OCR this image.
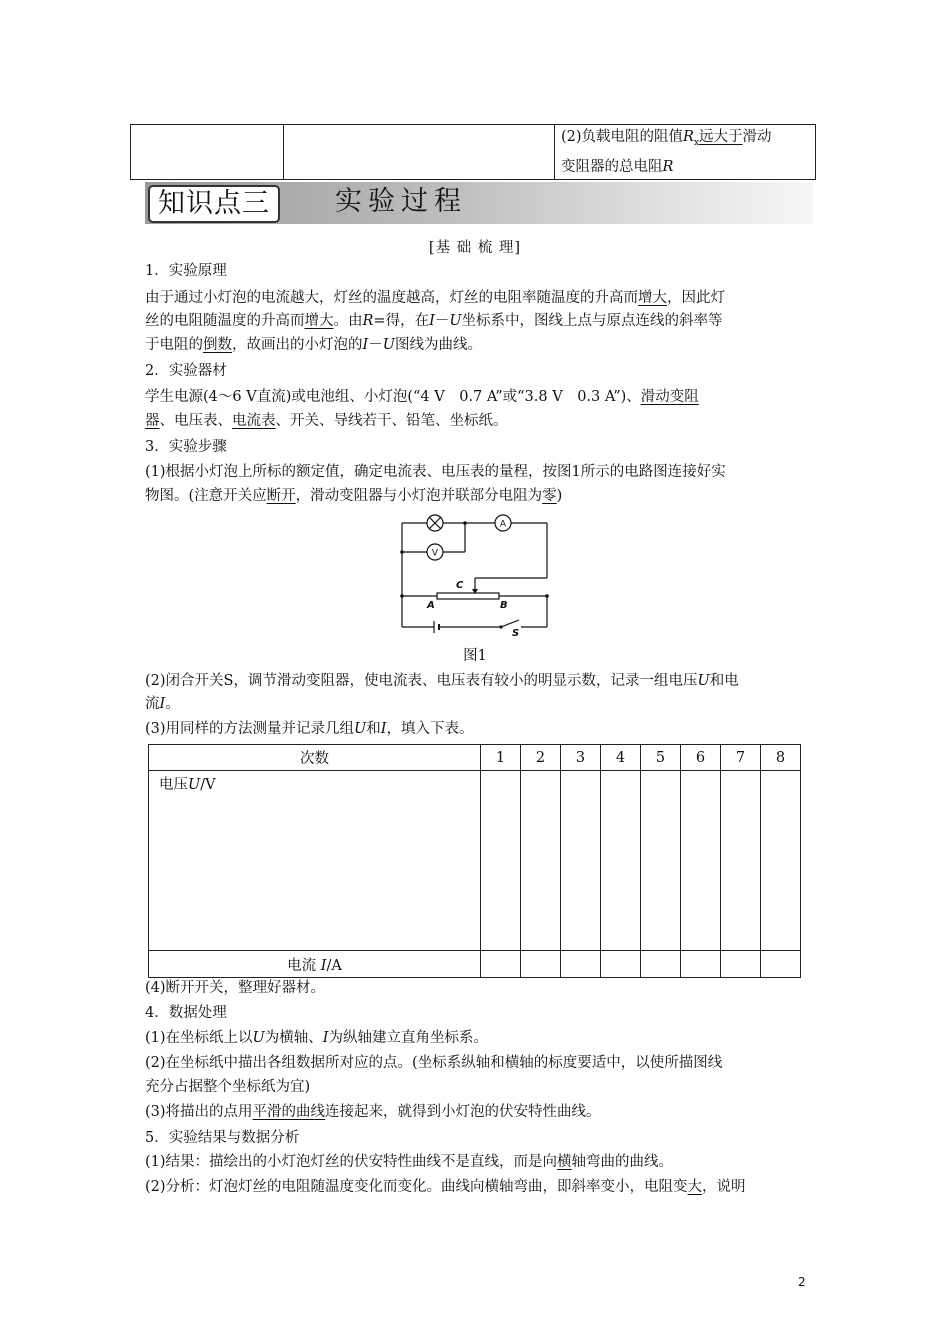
(2)负载电阻的阻值$R_x$远大于滑动
变阻器的总电阻R
知识点三	实验过程
[基 础 梳 理]
1．实验原理
由于通过小灯泡的电流越大，灯丝的温度越高，灯丝的电阻率随温度的升高而增大，因此灯
丝的电阻随温度的升高而增大。由R=得，在I－U坐标系中，图线上点与原点连线的斜率等
于电阻的倒数，故画出的小灯泡的I－U图线为曲线。
2．实验器材
学生电源(4～6 V直流)或电池组、小灯泡(“4 V　0.7 A”或“3.8 V　0.3 A”)、滑动变阻
器、电压表、电流表、开关、导线若干、铅笔、坐标纸。
3．实验步骤
(1)根据小灯泡上所标的额定值，确定电流表、电压表的量程，按图1所示的电路图连接好实
物图。(注意开关应断开，滑动变阻器与小灯泡并联部分电阻为零)
A
V
C
A	B
S
图1
(2)闭合开关S，调节滑动变阻器，使电流表、电压表有较小的明显示数，记录一组电压U和电
流I。
(3)用同样的方法测量并记录几组U和I，填入下表。
次数	1	2	3	4	5	6	7	8
电压U/V								
电流 I/A								
(4)断开开关，整理好器材。
4．数据处理
(1)在坐标纸上以U为横轴、I为纵轴建立直角坐标系。
(2)在坐标纸中描出各组数据所对应的点。(坐标系纵轴和横轴的标度要适中，以使所描图线
充分占据整个坐标纸为宜)
(3)将描出的点用平滑的曲线连接起来，就得到小灯泡的伏安特性曲线。
5．实验结果与数据分析
(1)结果：描绘出的小灯泡灯丝的伏安特性曲线不是直线，而是向横轴弯曲的曲线。
(2)分析：灯泡灯丝的电阻随温度变化而变化。曲线向横轴弯曲，即斜率变小，电阻变大，说明
2
